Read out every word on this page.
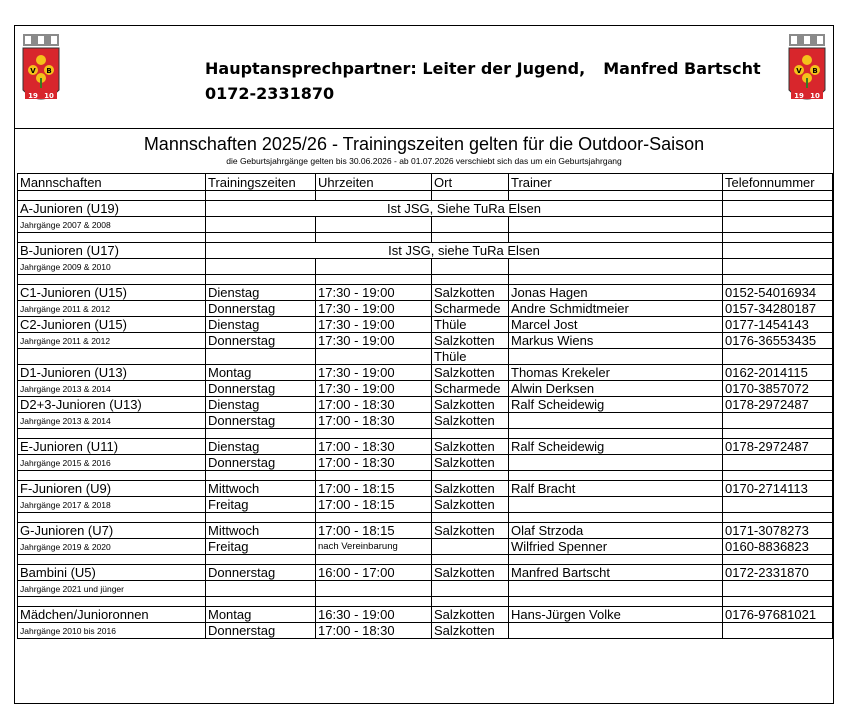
V B
19 10
Hauptansprechpartner: Leiter der Jugend, Manfred Bartscht
0172-2331870
V B
19 10
Mannschaften 2025/26 - Trainingszeiten gelten für die Outdoor-Saison
die Geburtsjahrgänge gelten bis 30.06.2026 - ab 01.07.2026 verschiebt sich das um ein Geburtsjahrgang
Mannschaften	Trainingszeiten	Uhrzeiten	Ort	Trainer	Telefonnummer

A-Junioren (U19)	Ist JSG, Siehe TuRa Elsen				
Jahrgänge 2007 & 2008					

B-Junioren (U17)	Ist JSG, siehe TuRa Elsen				
Jahrgänge 2009 & 2010					

C1-Junioren (U15)	Dienstag	17:30 - 19:00	Salzkotten	Jonas Hagen	0152-54016934
Jahrgänge 2011 & 2012	Donnerstag	17:30 - 19:00	Scharmede	Andre Schmidtmeier	0157-34280187
C2-Junioren (U15)	Dienstag	17:30 - 19:00	Thüle	Marcel Jost	0177-1454143
Jahrgänge 2011 & 2012	Donnerstag	17:30 - 19:00	Salzkotten	Markus Wiens	0176-36553435
			Thüle		
D1-Junioren (U13)	Montag	17:30 - 19:00	Salzkotten	Thomas Krekeler	0162-2014115
Jahrgänge 2013 & 2014	Donnerstag	17:30 - 19:00	Scharmede	Alwin Derksen	0170-3857072
D2+3-Junioren (U13)	Dienstag	17:00 - 18:30	Salzkotten	Ralf Scheidewig	0178-2972487
Jahrgänge 2013 & 2014	Donnerstag	17:00 - 18:30	Salzkotten		

E-Junioren (U11)	Dienstag	17:00 - 18:30	Salzkotten	Ralf Scheidewig	0178-2972487
Jahrgänge 2015 & 2016	Donnerstag	17:00 - 18:30	Salzkotten		

F-Junioren (U9)	Mittwoch	17:00 - 18:15	Salzkotten	Ralf Bracht	0170-2714113
Jahrgänge 2017 & 2018	Freitag	17:00 - 18:15	Salzkotten		

G-Junioren (U7)	Mittwoch	17:00 - 18:15	Salzkotten	Olaf Strzoda	0171-3078273
Jahrgänge 2019 & 2020	Freitag	nach Vereinbarung		Wilfried Spenner	0160-8836823

Bambini (U5)	Donnerstag	16:00 - 17:00	Salzkotten	Manfred Bartscht	0172-2331870
Jahrgänge 2021 und jünger					

Mädchen/Junioronnen	Montag	16:30 - 19:00	Salzkotten	Hans-Jürgen Volke	0176-97681021
Jahrgänge 2010 bis 2016	Donnerstag	17:00 - 18:30	Salzkotten		
